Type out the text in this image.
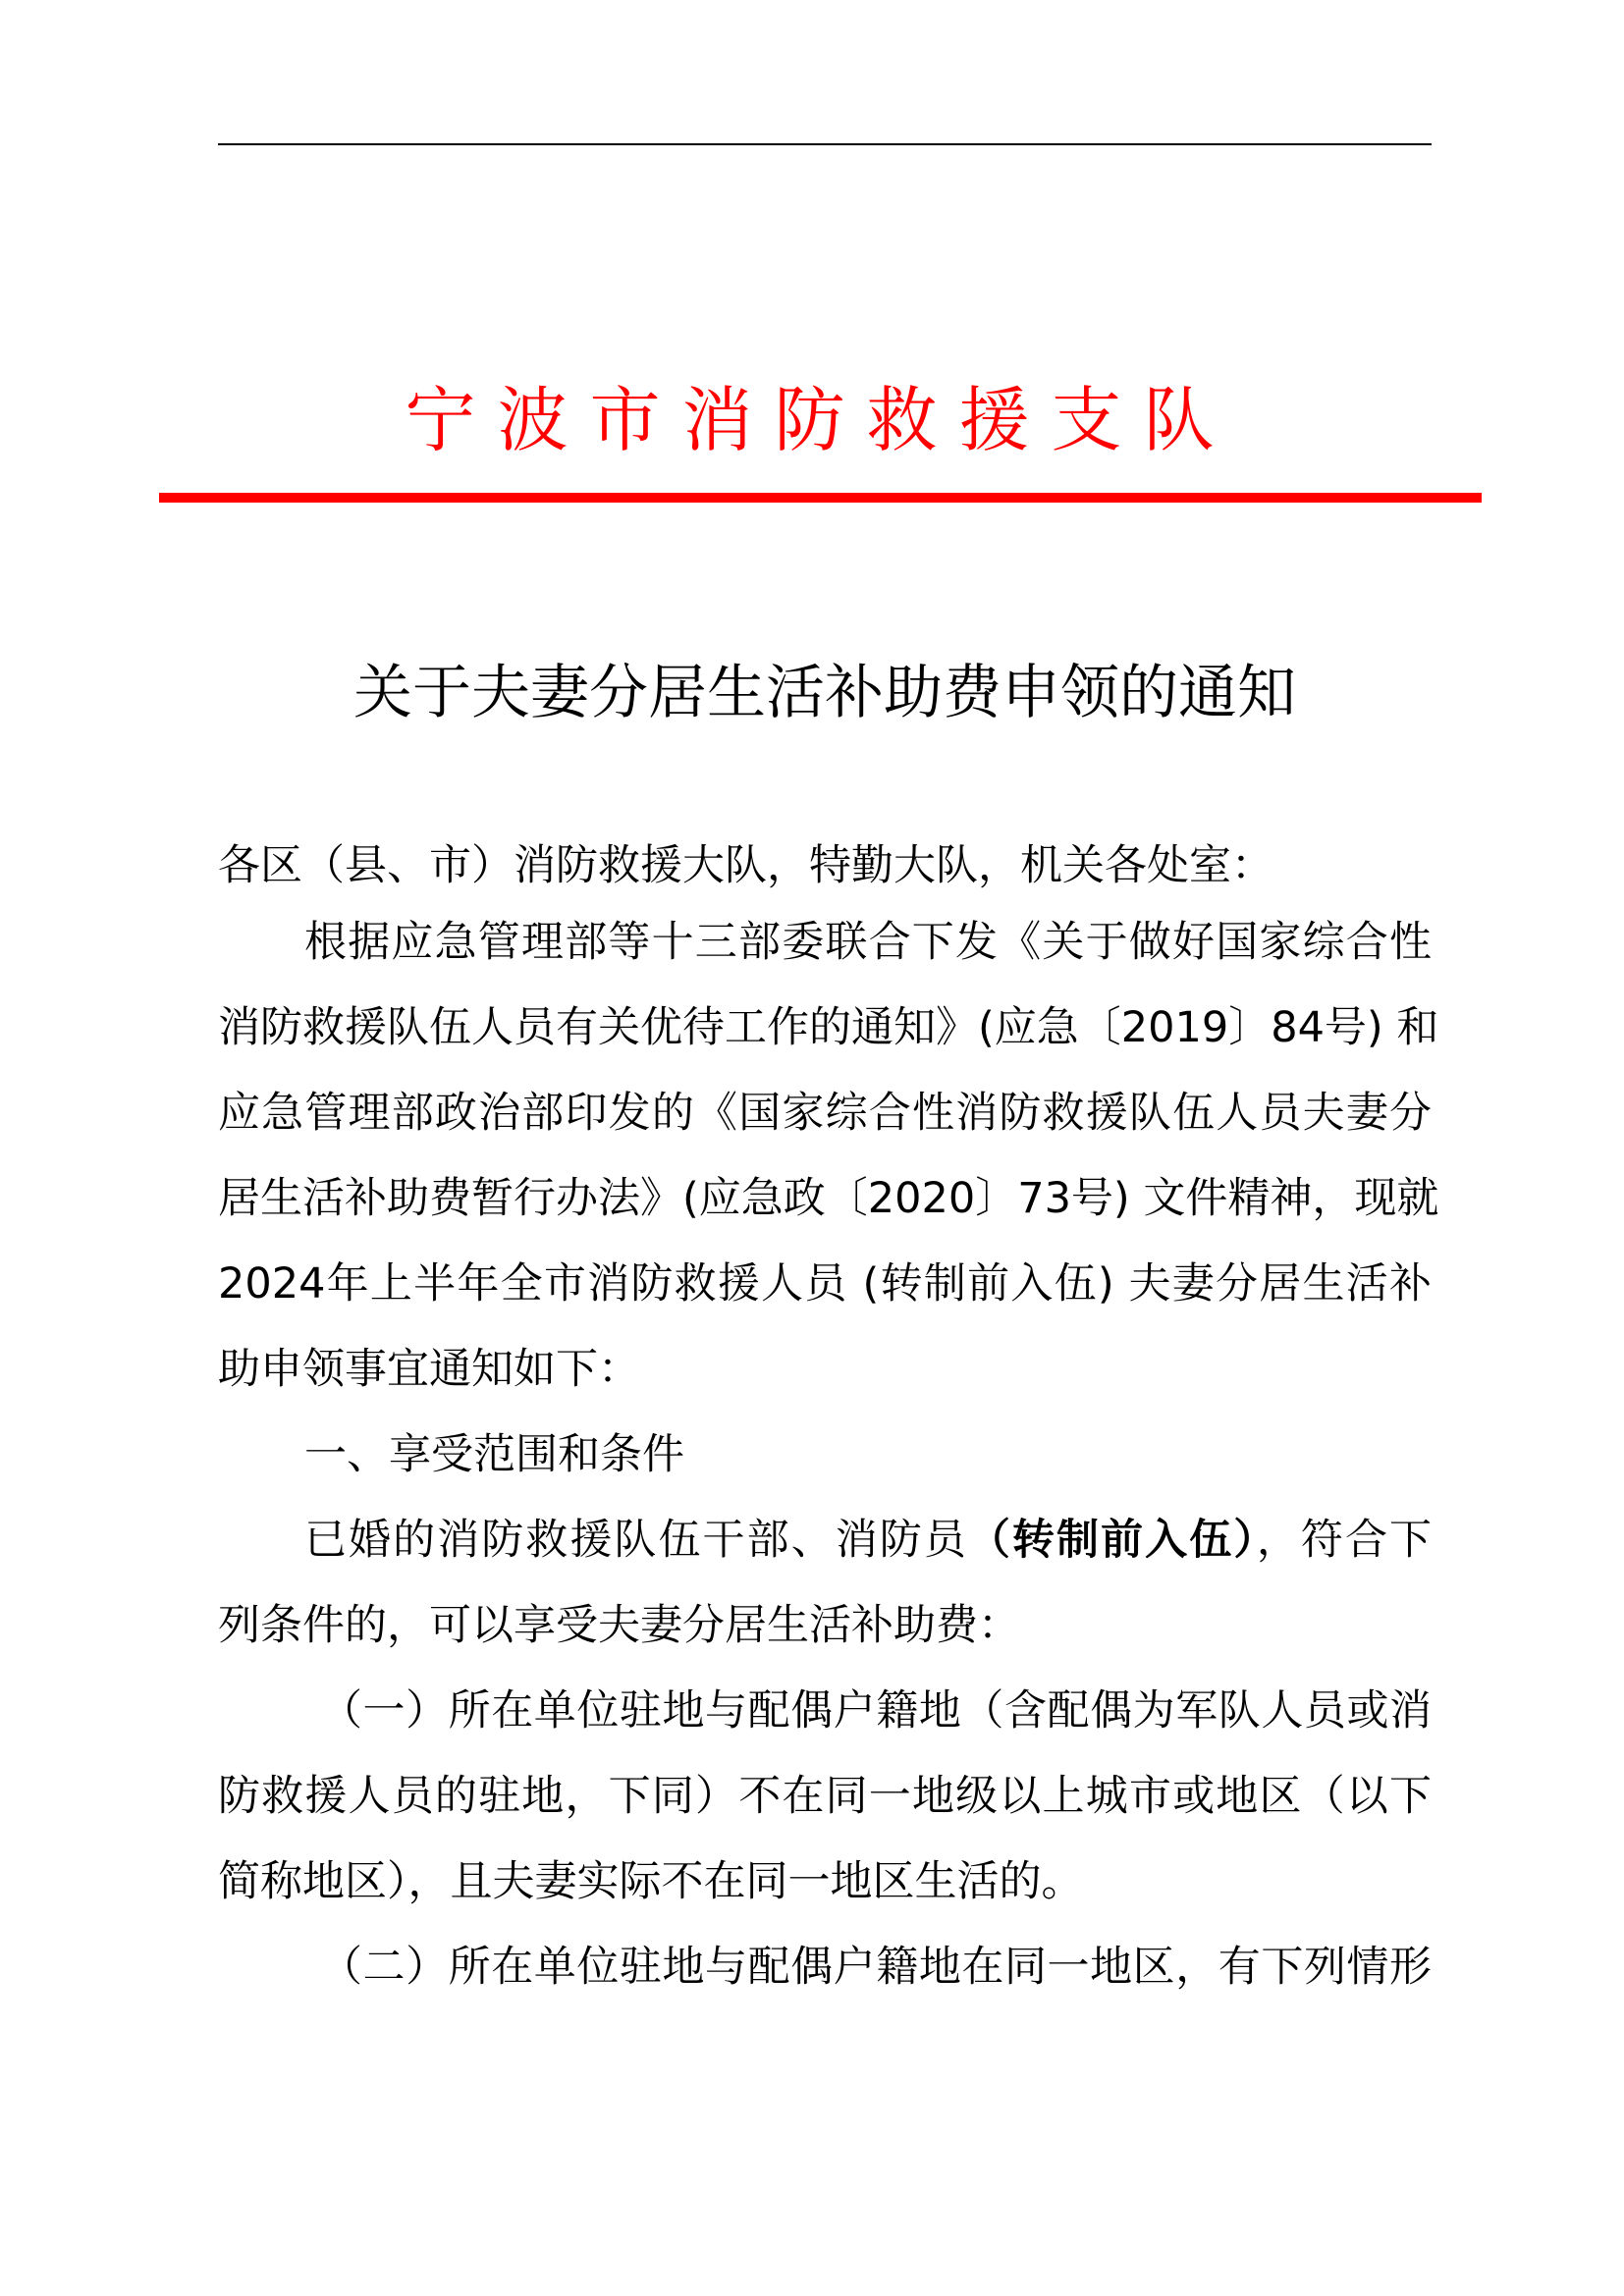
宁波市消防救援支队
关于夫妻分居生活补助费申领的通知
各区（县、市）消防救援大队，特勤大队，机关各处室：
根据应急管理部等十三部委联合下发《关于做好国家综合性
消防救援队伍人员有关优待工作的通知》(应急〔2019〕84号) 和
应急管理部政治部印发的《国家综合性消防救援队伍人员夫妻分
居生活补助费暂行办法》(应急政〔2020〕73号) 文件精神，现就
2024年上半年全市消防救援人员 (转制前入伍) 夫妻分居生活补
助申领事宜通知如下：
一、享受范围和条件
已婚的消防救援队伍干部、消防员（转制前入伍），符合下
列条件的，可以享受夫妻分居生活补助费：
（一）所在单位驻地与配偶户籍地（含配偶为军队人员或消
防救援人员的驻地，下同）不在同一地级以上城市或地区（以下
简称地区），且夫妻实际不在同一地区生活的。
（二）所在单位驻地与配偶户籍地在同一地区，有下列情形
